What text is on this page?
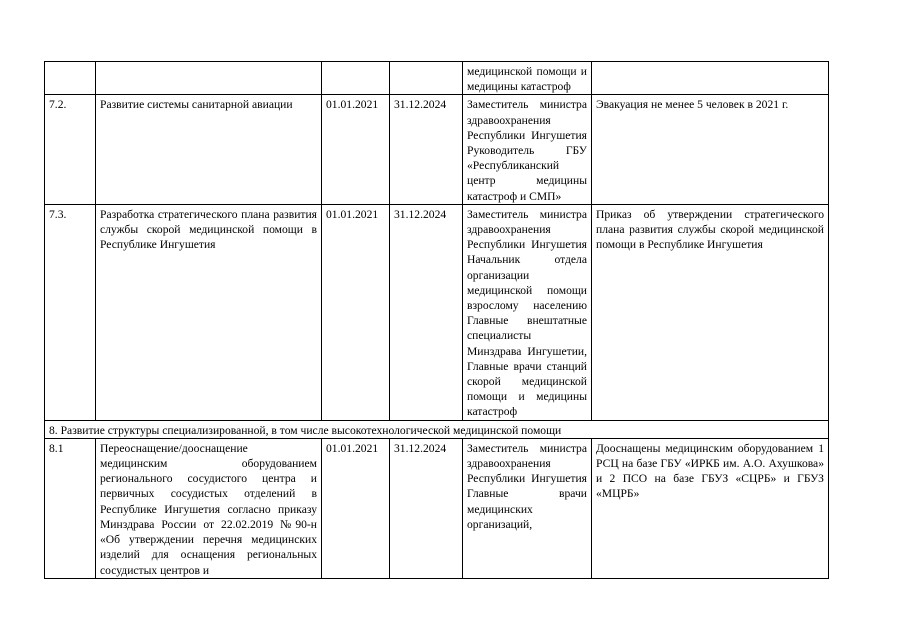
				медицинской помощи и медицины катастроф	
7.2.	Развитие системы санитарной авиации	01.01.2021	31.12.2024	Заместитель министра здравоохранения Республики Ингушетия Руководитель ГБУ «Республиканский центр медицины катастроф и СМП»	Эвакуация не менее 5 человек в 2021 г.
7.3.	Разработка стратегического плана развития службы скорой медицинской помощи в Республике Ингушетия	01.01.2021	31.12.2024	Заместитель министра здравоохранения Республики Ингушетия Начальник отдела организации медицинской помощи взрослому населению Главные внештатные специалисты Минздрава Ингушетии, Главные врачи станций скорой медицинской помощи и медицины катастроф	Приказ об утверждении стратегического плана развития службы скорой медицинской помощи в Республике Ингушетия
8. Развитие структуры специализированной, в том числе высокотехнологической медицинской помощи					
8.1	Переоснащение/дооснащение медицинским оборудованием регионального сосудистого центра и первичных сосудистых отделений в Республике Ингушетия согласно приказу Минздрава России от 22.02.2019 №90-н «Об утверждении перечня медицинских изделий для оснащения региональных сосудистых центров и	01.01.2021	31.12.2024	Заместитель министра здравоохранения Республики Ингушетия Главные врачи медицинских организаций,	Дооснащены медицинским оборудованием 1 РСЦ на базе ГБУ «ИРКБ им. А.О. Ахушкова» и 2 ПСО на базе ГБУЗ «СЦРБ» и ГБУЗ «МЦРБ»
